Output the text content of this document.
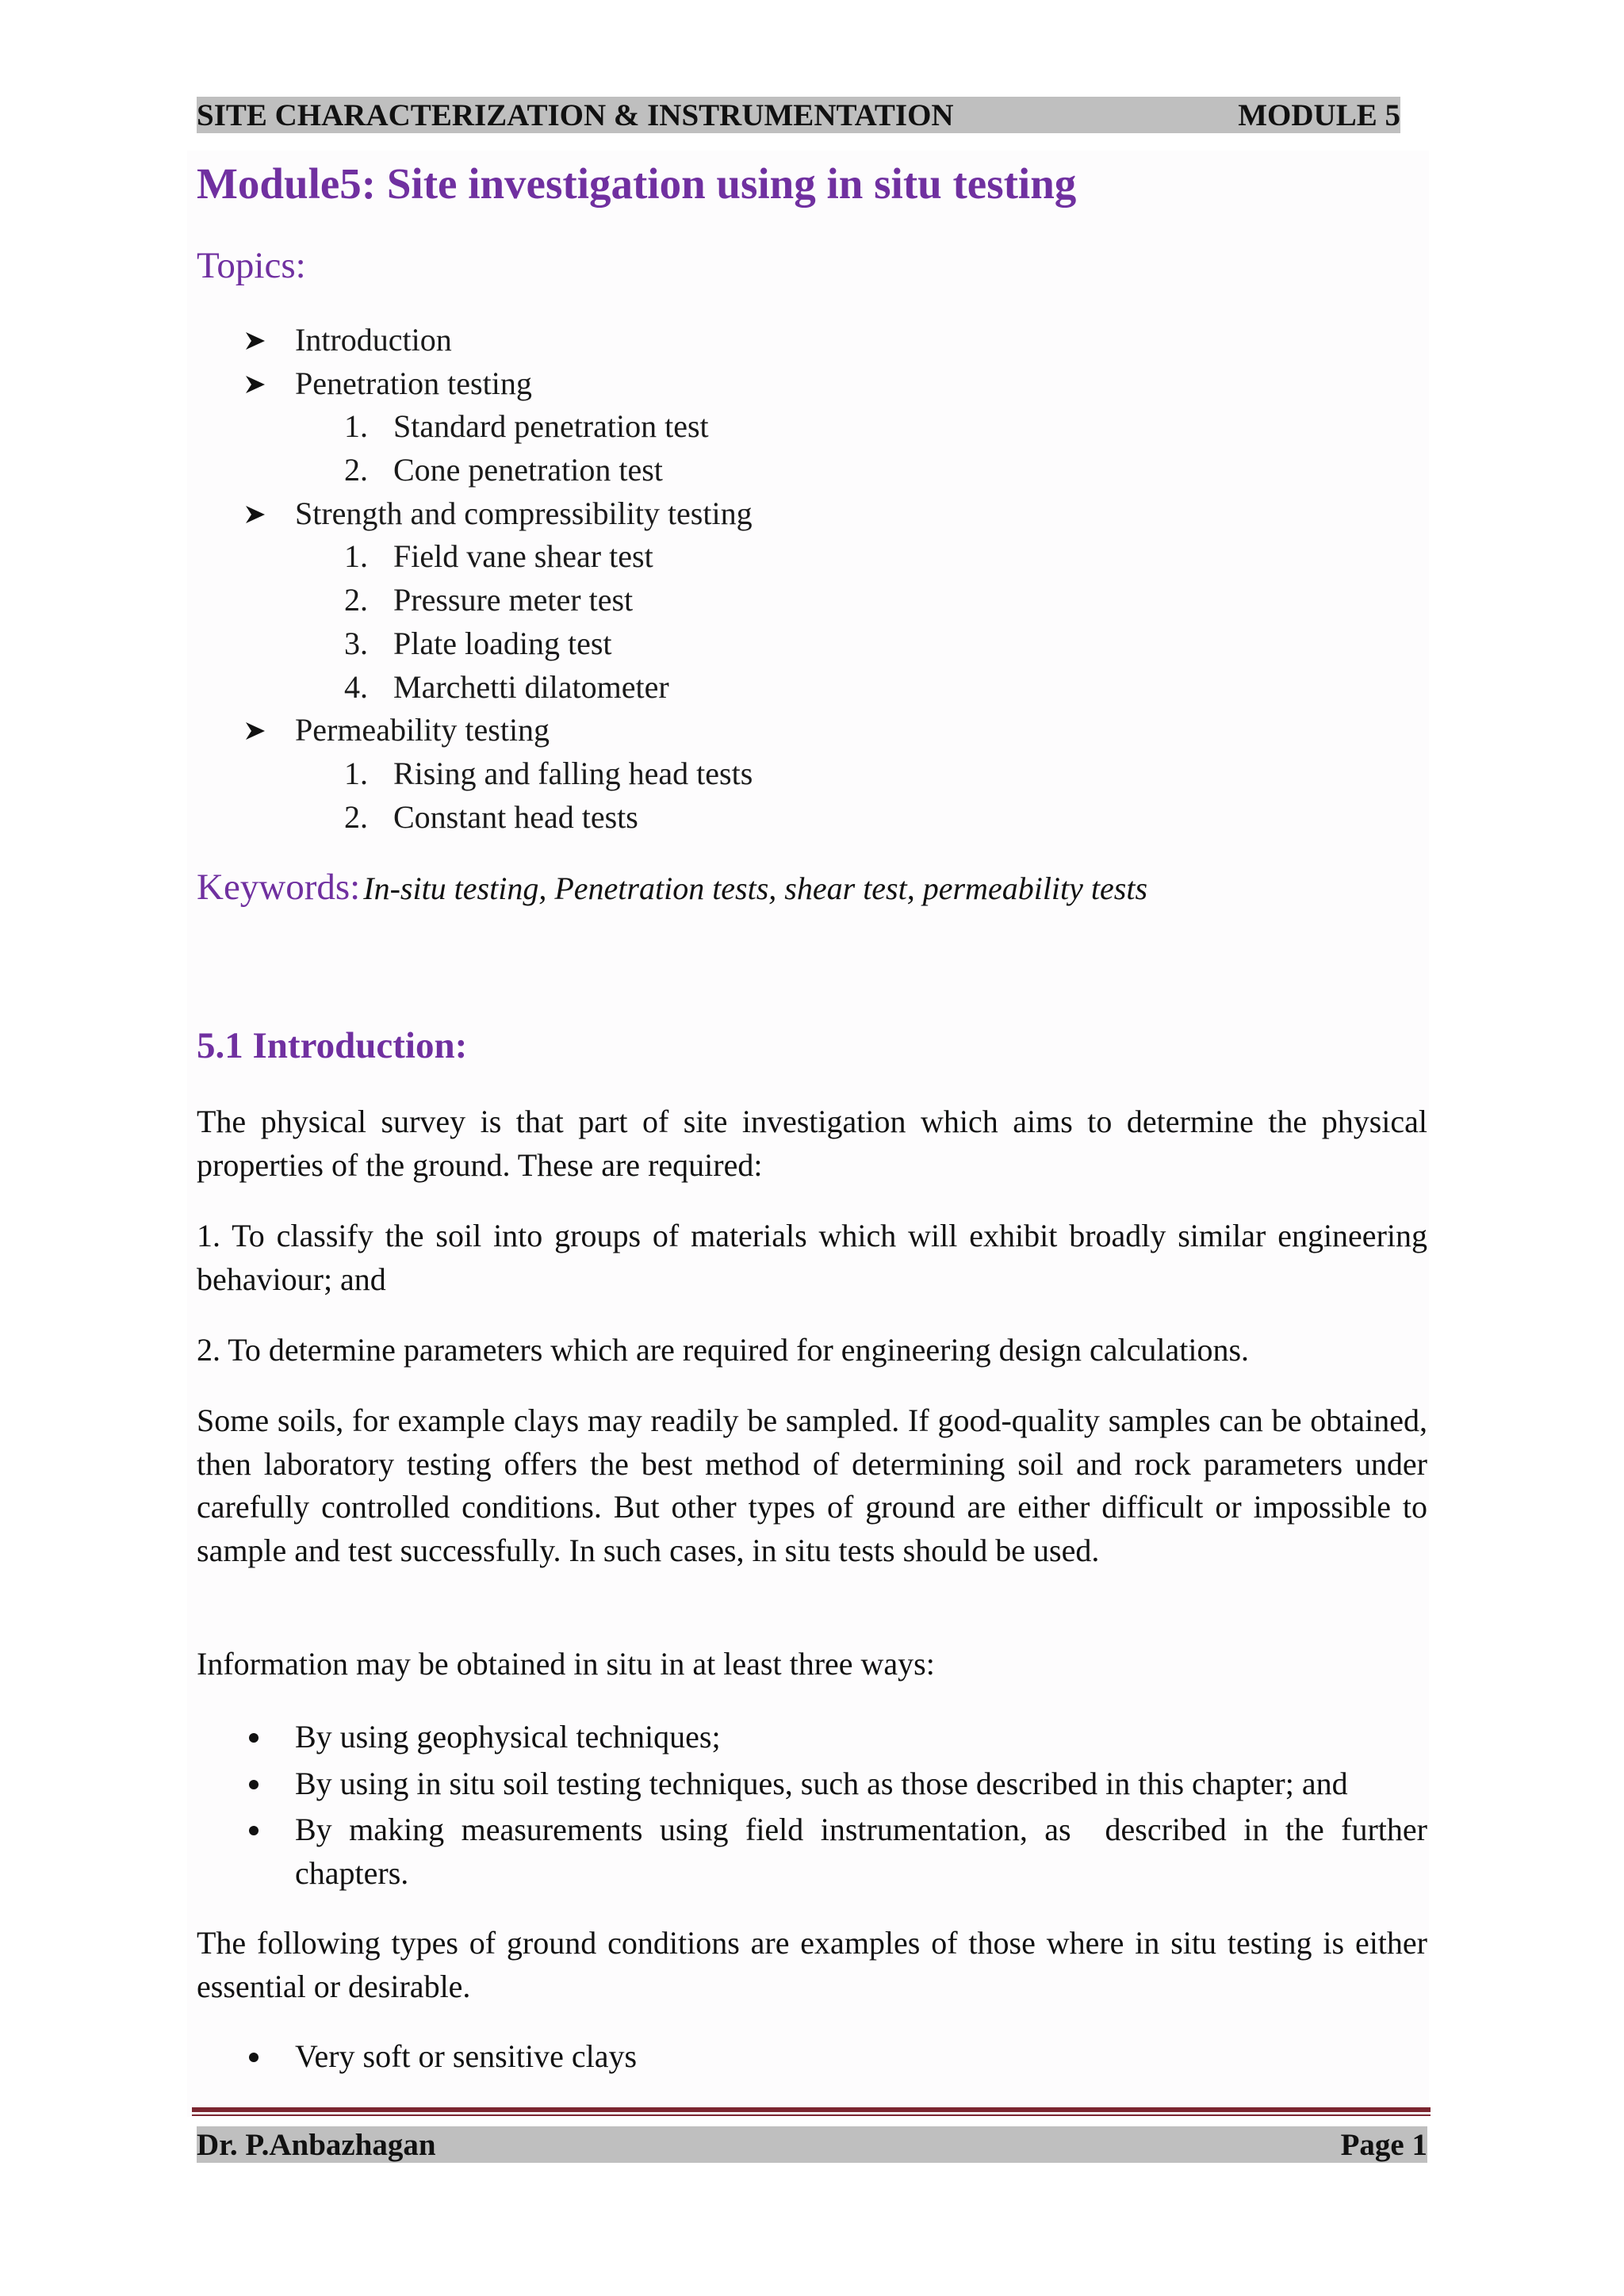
SITE CHARACTERIZATION & INSTRUMENTATION	MODULE 5
Module5: Site investigation using in situ testing
Topics:
Introduction
Penetration testing
1. Standard penetration test
2. Cone penetration test
Strength and compressibility testing
1. Field vane shear test
2. Pressure meter test
3. Plate loading test
4. Marchetti dilatometer
Permeability testing
1. Rising and falling head tests
2. Constant head tests
Keywords: In-situ testing, Penetration tests, shear test, permeability tests
5.1 Introduction:
The physical survey is that part of site investigation which aims to determine the physical properties of the ground. These are required:
1. To classify the soil into groups of materials which will exhibit broadly similar engineering behaviour; and
2. To determine parameters which are required for engineering design calculations.
Some soils, for example clays may readily be sampled. If good-quality samples can be obtained, then laboratory testing offers the best method of determining soil and rock parameters under carefully controlled conditions. But other types of ground are either difficult or impossible to sample and test successfully. In such cases, in situ tests should be used.
Information may be obtained in situ in at least three ways:
By using geophysical techniques;
By using in situ soil testing techniques, such as those described in this chapter; and
By making measurements using field instrumentation, as  described in the further chapters.
The following types of ground conditions are examples of those where in situ testing is either essential or desirable.
Very soft or sensitive clays
Dr. P.Anbazhagan	Page 1
